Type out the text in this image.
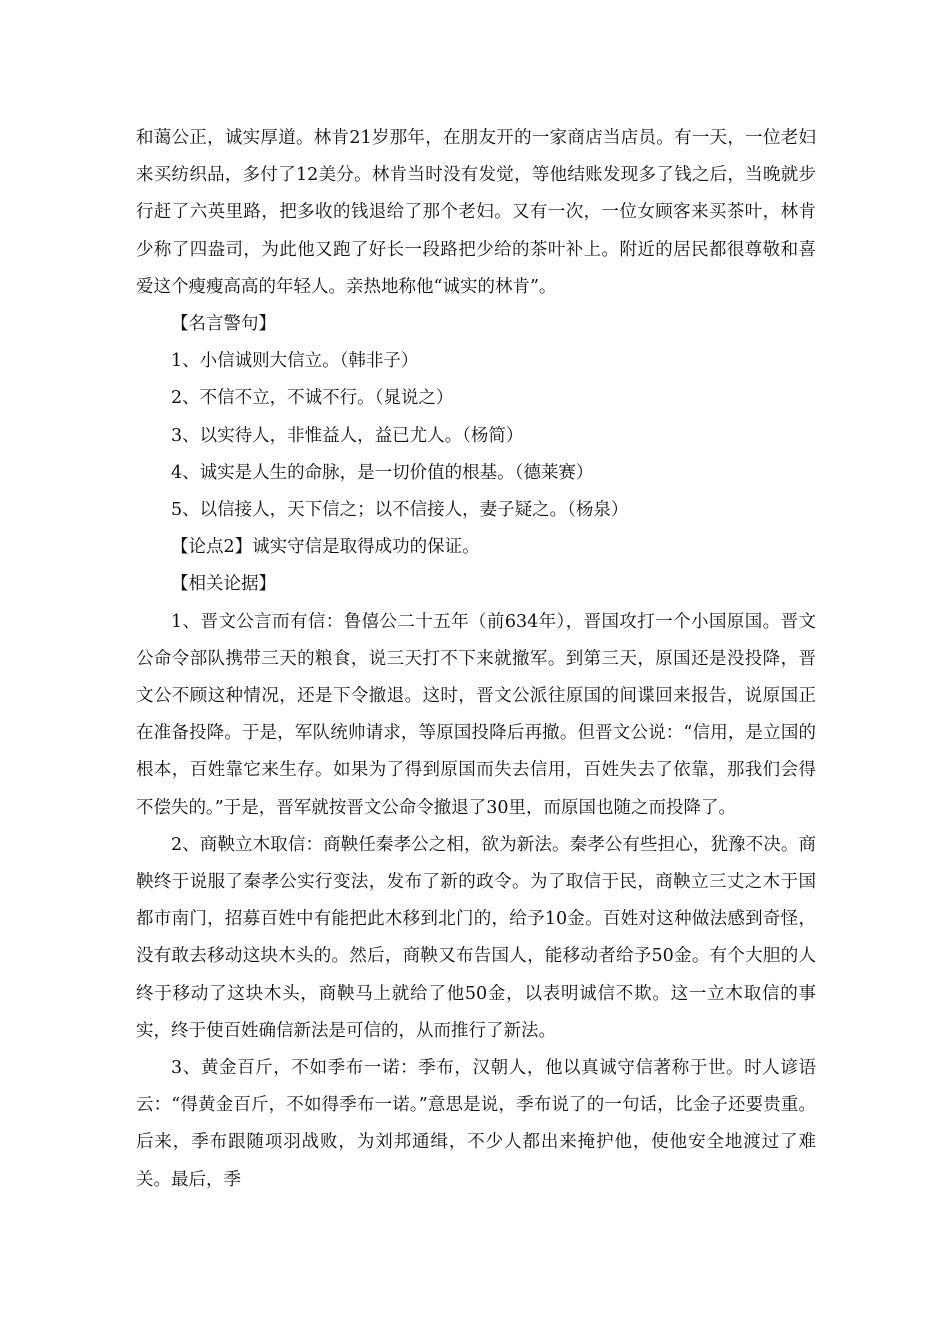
和蔼公正，诚实厚道。林肯21岁那年，在朋友开的一家商店当店员。有一天，一位老妇来买纺织品，多付了12美分。林肯当时没有发觉，等他结账发现多了钱之后，当晚就步行赶了六英里路，把多收的钱退给了那个老妇。又有一次，一位女顾客来买茶叶，林肯少称了四盎司，为此他又跑了好长一段路把少给的茶叶补上。附近的居民都很尊敬和喜爱这个瘦瘦高高的年轻人。亲热地称他“诚实的林肯”。

【名言警句】

1、小信诚则大信立。（韩非子）

2、不信不立，不诚不行。（晁说之）

3、以实待人，非惟益人，益已尤人。（杨简）

4、诚实是人生的命脉，是一切价值的根基。（德莱赛）

5、以信接人，天下信之；以不信接人，妻子疑之。（杨泉）

【论点2】诚实守信是取得成功的保证。

【相关论据】

1、晋文公言而有信：鲁僖公二十五年（前634年），晋国攻打一个小国原国。晋文公命令部队携带三天的粮食，说三天打不下来就撤军。到第三天，原国还是没投降，晋文公不顾这种情况，还是下令撤退。这时，晋文公派往原国的间谍回来报告，说原国正在准备投降。于是，军队统帅请求，等原国投降后再撤。但晋文公说：“信用，是立国的根本，百姓靠它来生存。如果为了得到原国而失去信用，百姓失去了依靠，那我们会得不偿失的。”于是，晋军就按晋文公命令撤退了30里，而原国也随之而投降了。

2、商鞅立木取信：商鞅任秦孝公之相，欲为新法。秦孝公有些担心，犹豫不决。商鞅终于说服了秦孝公实行变法，发布了新的政令。为了取信于民，商鞅立三丈之木于国都市南门，招募百姓中有能把此木移到北门的，给予10金。百姓对这种做法感到奇怪，没有敢去移动这块木头的。然后，商鞅又布告国人，能移动者给予50金。有个大胆的人终于移动了这块木头，商鞅马上就给了他50金，以表明诚信不欺。这一立木取信的事实，终于使百姓确信新法是可信的，从而推行了新法。

3、黄金百斤，不如季布一诺：季布，汉朝人，他以真诚守信著称于世。时人谚语云：“得黄金百斤，不如得季布一诺。”意思是说，季布说了的一句话，比金子还要贵重。后来，季布跟随项羽战败，为刘邦通缉，不少人都出来掩护他，使他安全地渡过了难关。最后，季
